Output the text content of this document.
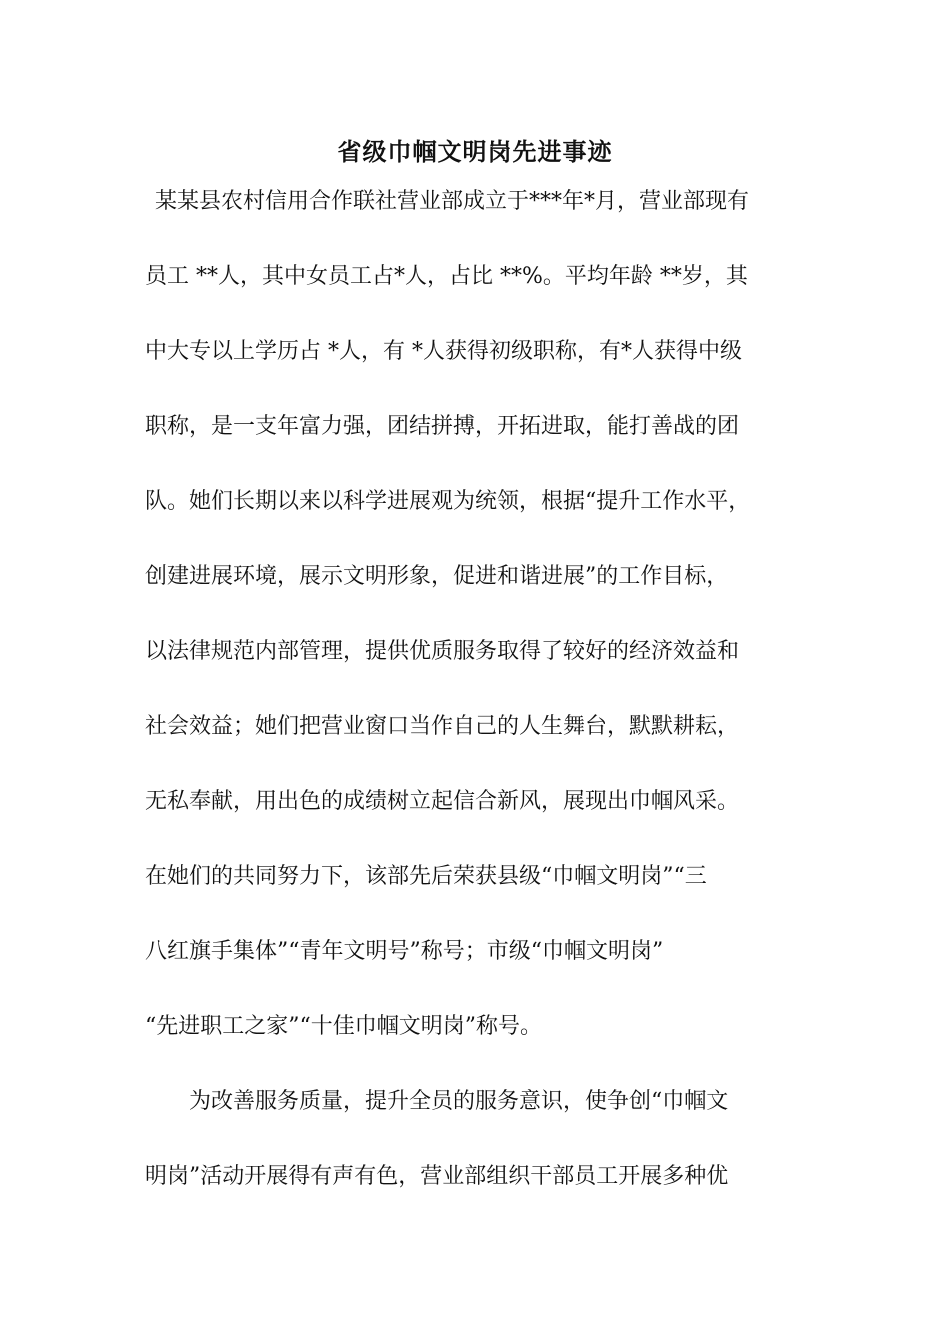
省级巾帼文明岗先进事迹
某某县农村信用合作联社营业部成立于***年*月，营业部现有
员工 **人，其中女员工占*人，占比 **%。平均年龄 **岁，其
中大专以上学历占 *人，有 *人获得初级职称，有*人获得中级
职称，是一支年富力强，团结拼搏，开拓进取，能打善战的团
队。她们长期以来以科学进展观为统领，根据“提升工作水平，
创建进展环境，展示文明形象，促进和谐进展”的工作目标，
以法律规范内部管理，提供优质服务取得了较好的经济效益和
社会效益；她们把营业窗口当作自己的人生舞台，默默耕耘，
无私奉献，用出色的成绩树立起信合新风，展现出巾帼风采。
在她们的共同努力下，该部先后荣获县级“巾帼文明岗”“三
八红旗手集体”“青年文明号”称号；市级“巾帼文明岗”
“先进职工之家”“十佳巾帼文明岗”称号。
为改善服务质量，提升全员的服务意识，使争创“巾帼文
明岗”活动开展得有声有色，营业部组织干部员工开展多种优
